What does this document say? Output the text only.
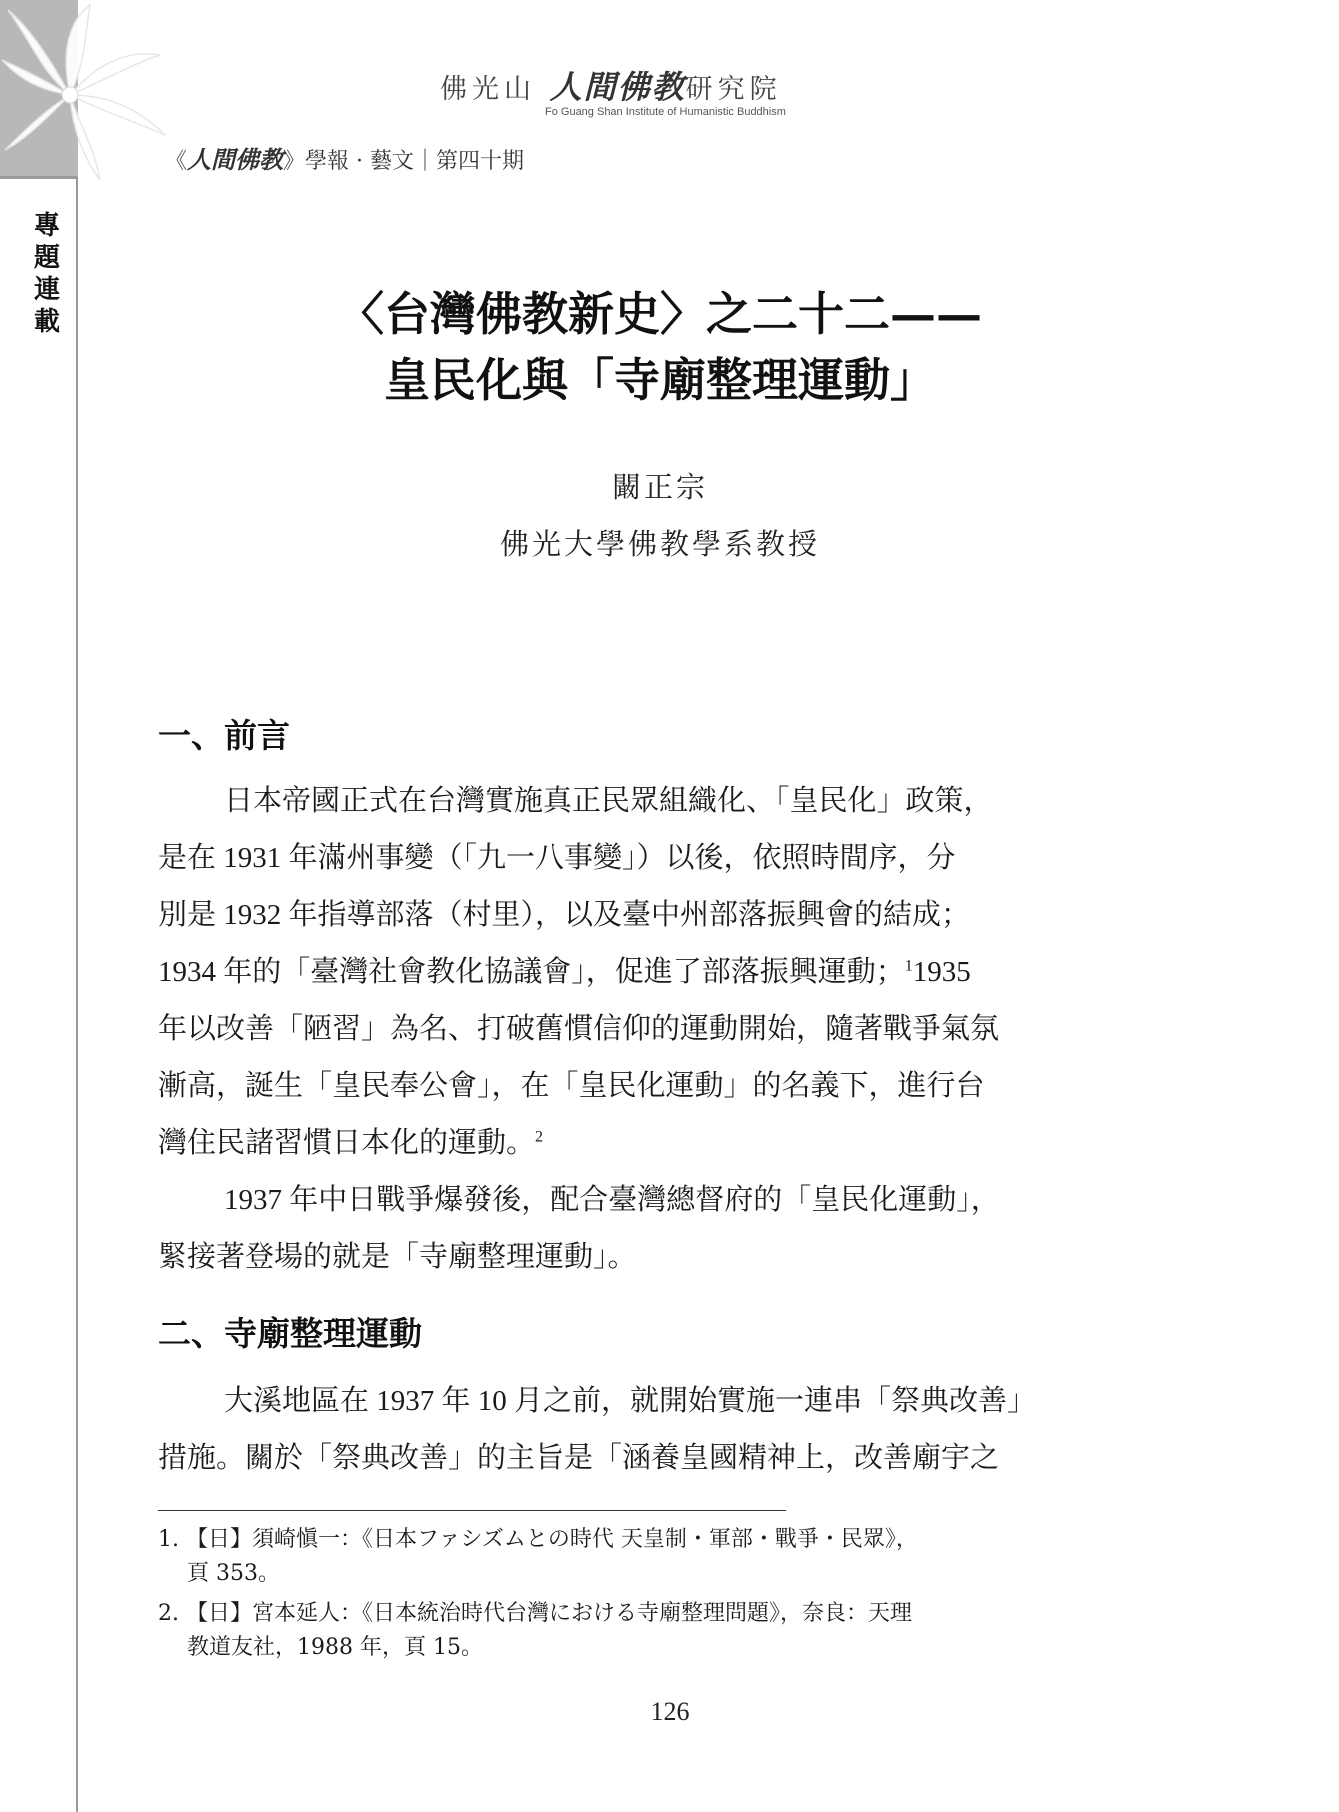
專
題
連
載
佛光山 人間佛教研究院
Fo Guang Shan Institute of Humanistic Buddhism
《人間佛教》學報 · 藝文｜第四十期
〈台灣佛教新史〉之二十二——
皇民化與「寺廟整理運動」
闞正宗
佛光大學佛教學系教授
一、前言
日本帝國正式在台灣實施真正民眾組織化、「皇民化」政策，
是在 1931 年滿州事變（「九一八事變」）以後，依照時間序，分
別是 1932 年指導部落（村里），以及臺中州部落振興會的結成；
1934 年的「臺灣社會教化協議會」，促進了部落振興運動；$^1$1935
年以改善「陋習」為名、打破舊慣信仰的運動開始，隨著戰爭氣氛
漸高，誕生「皇民奉公會」，在「皇民化運動」的名義下，進行台
灣住民諸習慣日本化的運動。$^2$
1937 年中日戰爭爆發後，配合臺灣總督府的「皇民化運動」，
緊接著登場的就是「寺廟整理運動」。
二、寺廟整理運動
大溪地區在 1937 年 10 月之前，就開始實施一連串「祭典改善」
措施。關於「祭典改善」的主旨是「涵養皇國精神上，改善廟宇之
1. 【日】須崎愼一：《日本ファシズムとの時代 天皇制・軍部・戰爭・民眾》，
頁 353。
2. 【日】宮本延人：《日本統治時代台灣における寺廟整理問題》，奈良：天理
教道友社，1988 年，頁 15。
126
